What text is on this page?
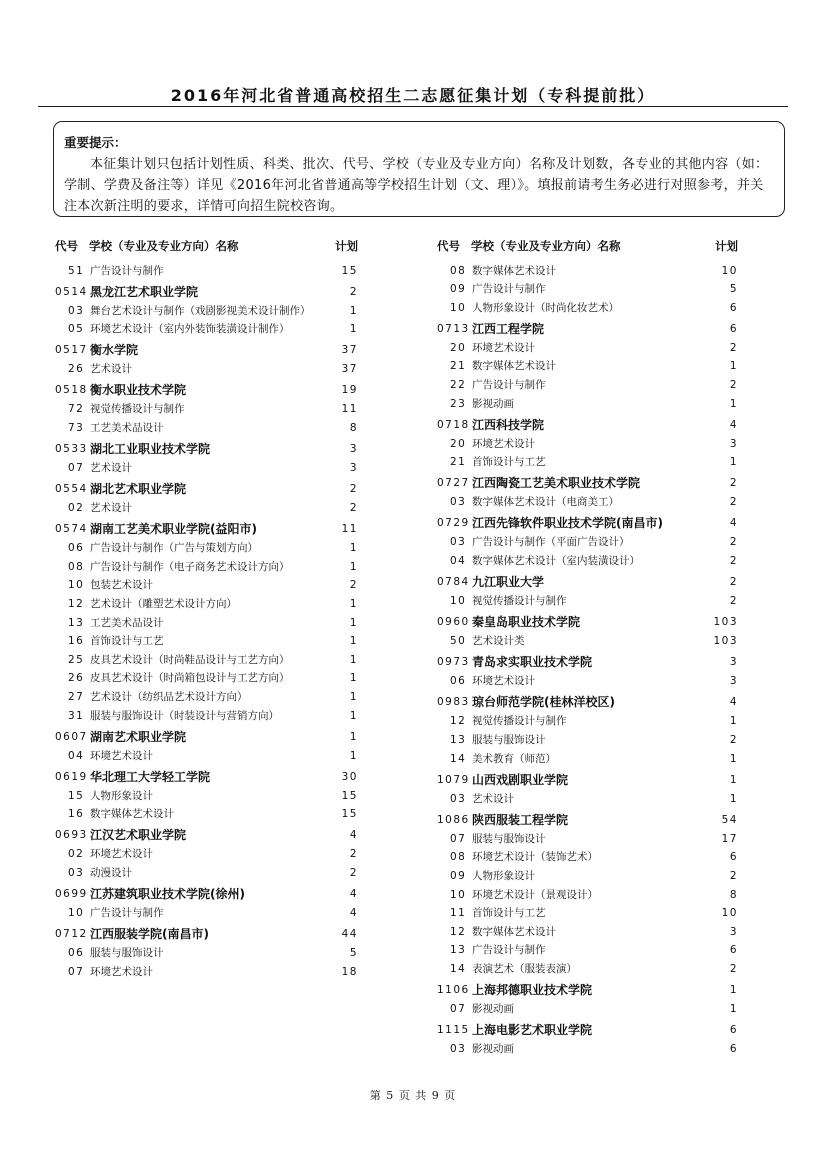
2016年河北省普通高校招生二志愿征集计划（专科提前批）
重要提示：
本征集计划只包括计划性质、科类、批次、代号、学校（专业及专业方向）名称及计划数，各专业的其他内容（如：学制、学费及备注等）详见《2016年河北省普通高等学校招生计划（文、理）》。填报前请考生务必进行对照参考，并关注本次新注明的要求，详情可向招生院校咨询。
代号 学校（专业及专业方向）名称	计划
51 广告设计与制作	15
0514 黑龙江艺术职业学院	2
03 舞台艺术设计与制作（戏剧影视美术设计制作）	1
05 环境艺术设计（室内外装饰装潢设计制作）	1
0517 衡水学院	37
26 艺术设计	37
0518 衡水职业技术学院	19
72 视觉传播设计与制作	11
73 工艺美术品设计	8
0533 湖北工业职业技术学院	3
07 艺术设计	3
0554 湖北艺术职业学院	2
02 艺术设计	2
0574 湖南工艺美术职业学院(益阳市)	11
06 广告设计与制作（广告与策划方向）	1
08 广告设计与制作（电子商务艺术设计方向）	1
10 包装艺术设计	2
12 艺术设计（雕塑艺术设计方向）	1
13 工艺美术品设计	1
16 首饰设计与工艺	1
25 皮具艺术设计（时尚鞋品设计与工艺方向）	1
26 皮具艺术设计（时尚箱包设计与工艺方向）	1
27 艺术设计（纺织品艺术设计方向）	1
31 服装与服饰设计（时装设计与营销方向）	1
0607 湖南艺术职业学院	1
04 环境艺术设计	1
0619 华北理工大学轻工学院	30
15 人物形象设计	15
16 数字媒体艺术设计	15
0693 江汉艺术职业学院	4
02 环境艺术设计	2
03 动漫设计	2
0699 江苏建筑职业技术学院(徐州)	4
10 广告设计与制作	4
0712 江西服装学院(南昌市)	44
06 服装与服饰设计	5
07 环境艺术设计	18
代号 学校（专业及专业方向）名称	计划
08 数字媒体艺术设计	10
09 广告设计与制作	5
10 人物形象设计（时尚化妆艺术）	6
0713 江西工程学院	6
20 环境艺术设计	2
21 数字媒体艺术设计	1
22 广告设计与制作	2
23 影视动画	1
0718 江西科技学院	4
20 环境艺术设计	3
21 首饰设计与工艺	1
0727 江西陶瓷工艺美术职业技术学院	2
03 数字媒体艺术设计（电商美工）	2
0729 江西先锋软件职业技术学院(南昌市)	4
03 广告设计与制作（平面广告设计）	2
04 数字媒体艺术设计（室内装潢设计）	2
0784 九江职业大学	2
10 视觉传播设计与制作	2
0960 秦皇岛职业技术学院	103
50 艺术设计类	103
0973 青岛求实职业技术学院	3
06 环境艺术设计	3
0983 琼台师范学院(桂林洋校区)	4
12 视觉传播设计与制作	1
13 服装与服饰设计	2
14 美术教育（师范）	1
1079 山西戏剧职业学院	1
03 艺术设计	1
1086 陕西服装工程学院	54
07 服装与服饰设计	17
08 环境艺术设计（装饰艺术）	6
09 人物形象设计	2
10 环境艺术设计（景观设计）	8
11 首饰设计与工艺	10
12 数字媒体艺术设计	3
13 广告设计与制作	6
14 表演艺术（服装表演）	2
1106 上海邦德职业技术学院	1
07 影视动画	1
1115 上海电影艺术职业学院	6
03 影视动画	6
第 5 页 共 9 页
